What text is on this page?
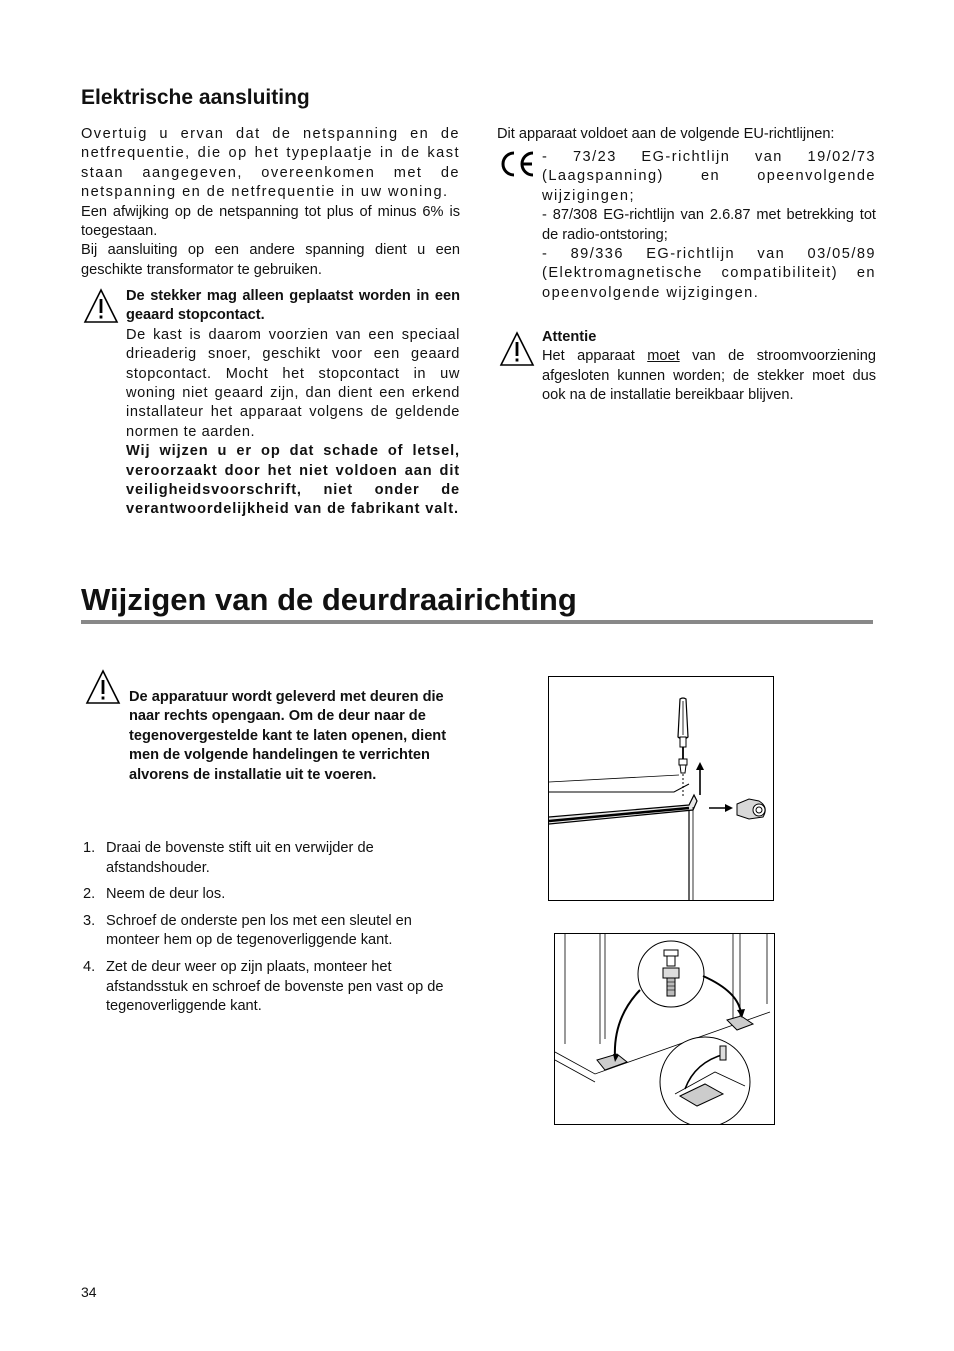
Elektrische aansluiting

Overtuig u ervan dat de netspanning en de netfrequentie, die op het typeplaatje in de kast staan aangegeven, overeenkomen met de netspanning en de netfrequentie in uw woning.

Een afwijking op de netspanning tot plus of minus 6% is toegestaan.

Bij aansluiting op een andere spanning dient u een geschikte transformator te gebruiken.

De stekker mag alleen geplaatst worden in een geaard stopcontact.

De kast is daarom voorzien van een speciaal drieaderig snoer, geschikt voor een geaard stopcontact. Mocht het stopcontact in uw woning niet geaard zijn, dan dient een erkend installateur het apparaat volgens de geldende normen te aarden.

Wij wijzen u er op dat schade of letsel, veroorzaakt door het niet voldoen aan dit veiligheidsvoorschrift, niet onder de verantwoordelijkheid van de fabrikant valt.

Dit apparaat voldoet aan de volgende EU-richtlijnen:

- 73/23 EG-richtlijn van 19/02/73 (Laagspanning) en opeenvolgende wijzigingen;

- 87/308 EG-richtlijn van 2.6.87 met betrekking tot de radio-ontstoring;

- 89/336 EG-richtlijn van 03/05/89 (Elektromagnetische compatibiliteit) en opeenvolgende wijzigingen.

Attentie

Het apparaat moet van de stroomvoorziening afgesloten kunnen worden; de stekker moet dus ook na de installatie bereikbaar blijven.

Wijzigen van de deurdraairichting

De apparatuur wordt geleverd met deuren die naar rechts opengaan. Om de deur naar de tegenovergestelde kant te laten openen, dient men de volgende handelingen te verrichten alvorens de installatie uit te voeren.

1. Draai de bovenste stift uit en verwijder de afstandshouder.
2. Neem de deur los.
3. Schroef de onderste pen los met een sleutel en monteer hem op de tegenoverliggende kant.
4. Zet de deur weer op zijn plaats, monteer het afstandsstuk en schroef de bovenste pen vast op de tegenoverliggende kant.
34
